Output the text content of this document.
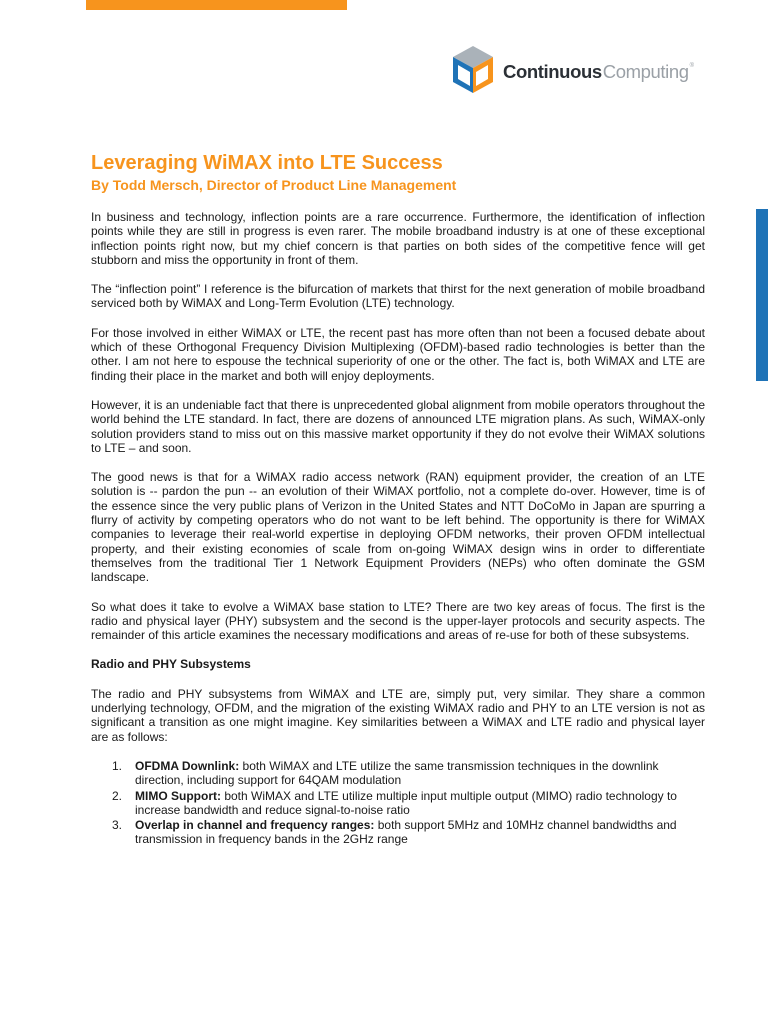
ContinuousComputing®
Leveraging WiMAX into LTE Success
By Todd Mersch, Director of Product Line Management

In business and technology, inflection points are a rare occurrence. Furthermore, the identification of inflection points while they are still in progress is even rarer. The mobile broadband industry is at one of these exceptional inflection points right now, but my chief concern is that parties on both sides of the competitive fence will get stubborn and miss the opportunity in front of them.

The “inflection point” I reference is the bifurcation of markets that thirst for the next generation of mobile broadband serviced both by WiMAX and Long-Term Evolution (LTE) technology.

For those involved in either WiMAX or LTE, the recent past has more often than not been a focused debate about which of these Orthogonal Frequency Division Multiplexing (OFDM)-based radio technologies is better than the other. I am not here to espouse the technical superiority of one or the other. The fact is, both WiMAX and LTE are finding their place in the market and both will enjoy deployments.

However, it is an undeniable fact that there is unprecedented global alignment from mobile operators throughout the world behind the LTE standard. In fact, there are dozens of announced LTE migration plans. As such, WiMAX-only solution providers stand to miss out on this massive market opportunity if they do not evolve their WiMAX solutions to LTE – and soon.

The good news is that for a WiMAX radio access network (RAN) equipment provider, the creation of an LTE solution is -- pardon the pun -- an evolution of their WiMAX portfolio, not a complete do-over. However, time is of the essence since the very public plans of Verizon in the United States and NTT DoCoMo in Japan are spurring a flurry of activity by competing operators who do not want to be left behind. The opportunity is there for WiMAX companies to leverage their real-world expertise in deploying OFDM networks, their proven OFDM intellectual property, and their existing economies of scale from on-going WiMAX design wins in order to differentiate themselves from the traditional Tier 1 Network Equipment Providers (NEPs) who often dominate the GSM landscape.

So what does it take to evolve a WiMAX base station to LTE? There are two key areas of focus. The first is the radio and physical layer (PHY) subsystem and the second is the upper-layer protocols and security aspects. The remainder of this article examines the necessary modifications and areas of re-use for both of these subsystems.

Radio and PHY Subsystems

The radio and PHY subsystems from WiMAX and LTE are, simply put, very similar. They share a common underlying technology, OFDM, and the migration of the existing WiMAX radio and PHY to an LTE version is not as significant a transition as one might imagine. Key similarities between a WiMAX and LTE radio and physical layer are as follows:

1.	OFDMA Downlink: both WiMAX and LTE utilize the same transmission techniques in the downlink direction, including support for 64QAM modulation
2.	MIMO Support: both WiMAX and LTE utilize multiple input multiple output (MIMO) radio technology to increase bandwidth and reduce signal-to-noise ratio
3.	Overlap in channel and frequency ranges: both support 5MHz and 10MHz channel bandwidths and transmission in frequency bands in the 2GHz range
